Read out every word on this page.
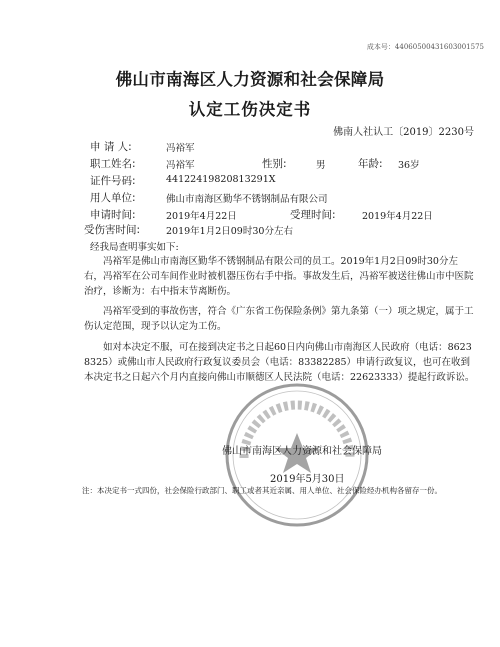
成本号：44060500431603001575
佛山市南海区人力资源和社会保障局
认定工伤决定书
佛南人社认工〔2019〕2230号
申 请 人:	冯裕军
职工姓名:	冯裕军	性别:	男	年龄: 36岁
证件号码:	44122419820813291X
用人单位:	佛山市南海区勤华不锈钢制品有限公司
申请时间:	2019年4月22日	受理时间:	2019年4月22日
受伤害时间:	2019年1月2日09时30分左右
经我局查明事实如下:
冯裕军是佛山市南海区勤华不锈钢制品有限公司的员工。2019年1月2日09时30分左右，冯裕军在公司车间作业时被机器压伤右手中指。事故发生后，冯裕军被送往佛山市中医院治疗，诊断为：右中指末节离断伤。
冯裕军受到的事故伤害，符合《广东省工伤保险条例》第九条第（一）项之规定，属于工伤认定范围，现予以认定为工伤。
如对本决定不服，可在接到决定书之日起60日内向佛山市南海区人民政府（电话：86238325）或佛山市人民政府行政复议委员会（电话：83382285）申请行政复议，也可在收到本决定书之日起六个月内直接向佛山市顺德区人民法院（电话：22623333）提起行政诉讼。
佛山市南海区人力资源和社会保障局
2019年5月30日
注：本决定书一式四份，社会保险行政部门、职工或者其近亲属、用人单位、社会保险经办机构各留存一份。
